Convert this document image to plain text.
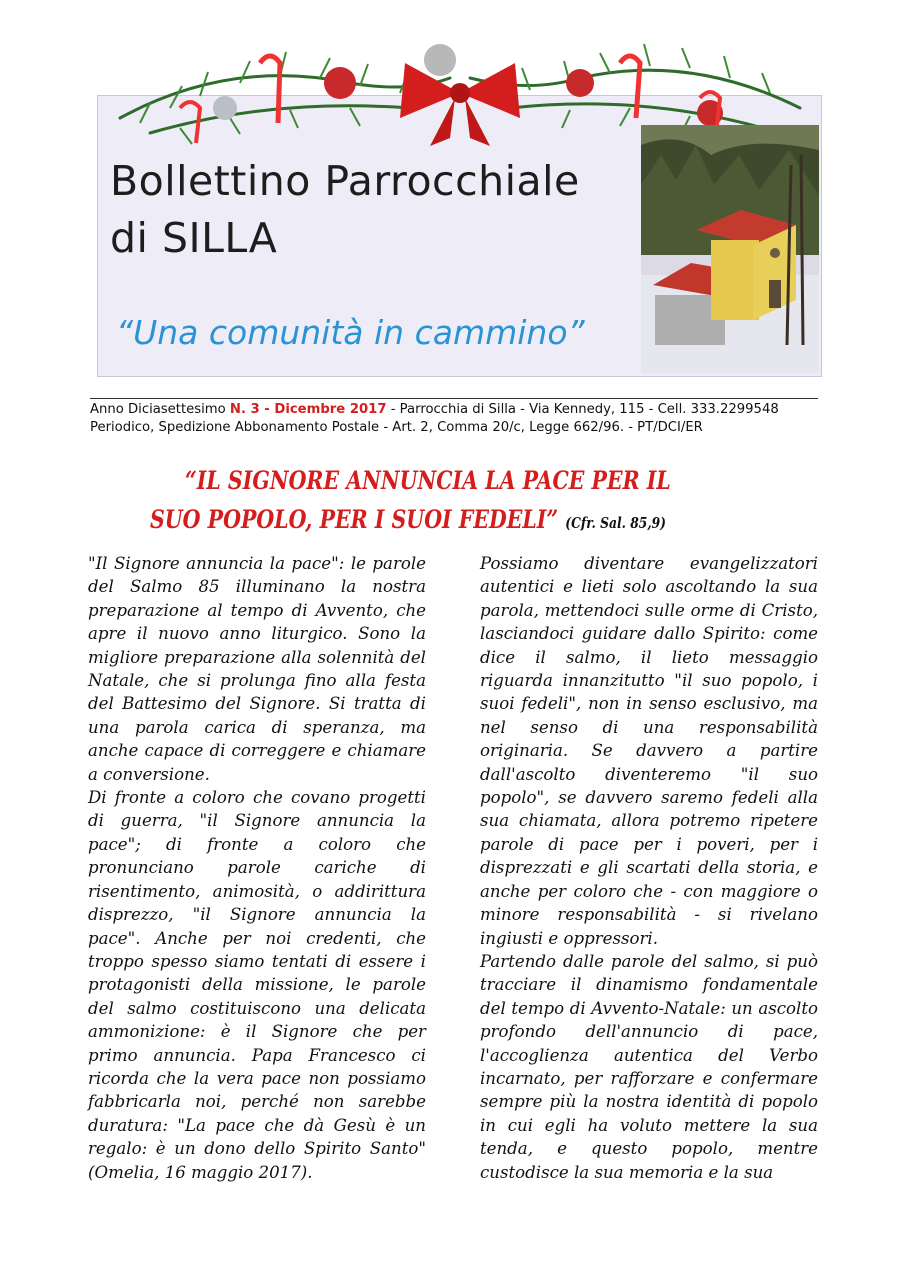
Bollettino Parrocchiale
di SILLA
“Una comunità in cammino”
Anno Diciasettesimo N. 3 - Dicembre 2017 - Parrocchia di Silla - Via Kennedy, 115 - Cell. 333.2299548
Periodico, Spedizione Abbonamento Postale - Art. 2, Comma 20/c, Legge 662/96. - PT/DCI/ER
“IL SIGNORE ANNUNCIA LA PACE PER IL
SUO POPOLO, PER I SUOI FEDELI” (Cfr. Sal. 85,9)

"Il Signore annuncia la pace": le parole del Salmo 85 illuminano la nostra preparazione al tempo di Avvento, che apre il nuovo anno liturgico. Sono la migliore preparazione alla solennità del Natale, che si prolunga fino alla festa del Battesimo del Signore. Si tratta di una parola carica di speranza, ma anche capace di correggere e chiamare a conversione.

Di fronte a coloro che covano progetti di guerra, "il Signore annuncia la pace"; di fronte a coloro che pronunciano parole cariche di risentimento, animosità, o addirittura disprezzo, "il Signore annuncia la pace". Anche per noi credenti, che troppo spesso siamo tentati di essere i protagonisti della missione, le parole del salmo costituiscono una delicata ammonizione: è il Signore che per primo annuncia. Papa Francesco ci ricorda che la vera pace non possiamo fabbricarla noi, perché non sarebbe duratura: "La pace che dà Gesù è un regalo: è un dono dello Spirito Santo" (Omelia, 16 maggio 2017).

Possiamo diventare evangelizzatori autentici e lieti solo ascoltando la sua parola, mettendoci sulle orme di Cristo, lasciandoci guidare dallo Spirito: come dice il salmo, il lieto messaggio riguarda innanzitutto "il suo popolo, i suoi fedeli", non in senso esclusivo, ma nel senso di una responsabilità originaria. Se davvero a partire dall'ascolto diventeremo "il suo popolo", se davvero saremo fedeli alla sua chiamata, allora potremo ripetere parole di pace per i poveri, per i disprezzati e gli scartati della storia, e anche per coloro che - con maggiore o minore responsabilità - si rivelano ingiusti e oppressori.

Partendo dalle parole del salmo, si può tracciare il dinamismo fondamentale del tempo di Avvento-Natale: un ascolto profondo dell'annuncio di pace, l'accoglienza autentica del Verbo incarnato, per rafforzare e confermare sempre più la nostra identità di popolo in cui egli ha voluto mettere la sua tenda, e questo popolo, mentre custodisce la sua memoria e la sua
